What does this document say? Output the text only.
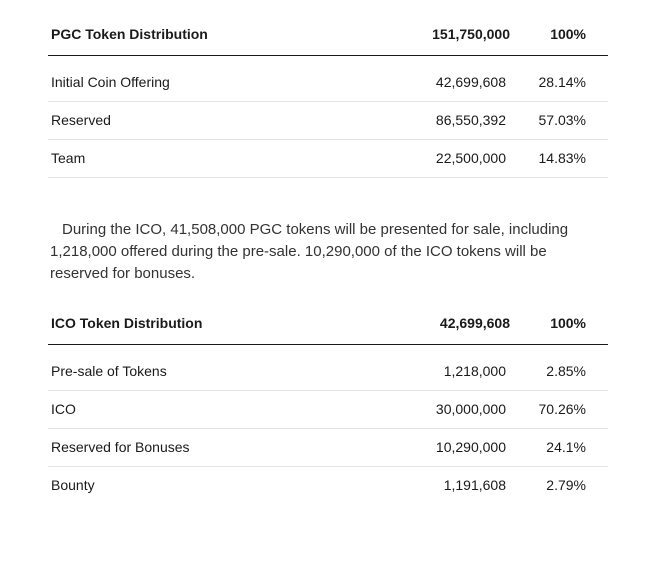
PGC Token Distribution	151,750,000	100%
Initial Coin Offering	42,699,608 28.14%
Reserved	86,550,392 57.03%
Team	22,500,000 14.83%

During the ICO, 41,508,000 PGC tokens will be presented for sale, including 1,218,000 offered during the pre-sale. 10,290,000 of the ICO tokens will be reserved for bonuses.

ICO Token Distribution	42,699,608	100%
Pre-sale of Tokens	1,218,000	2.85%
ICO	30,000,000 70.26%
Reserved for Bonuses	10,290,000	24.1%
Bounty	1,191,608	2.79%
